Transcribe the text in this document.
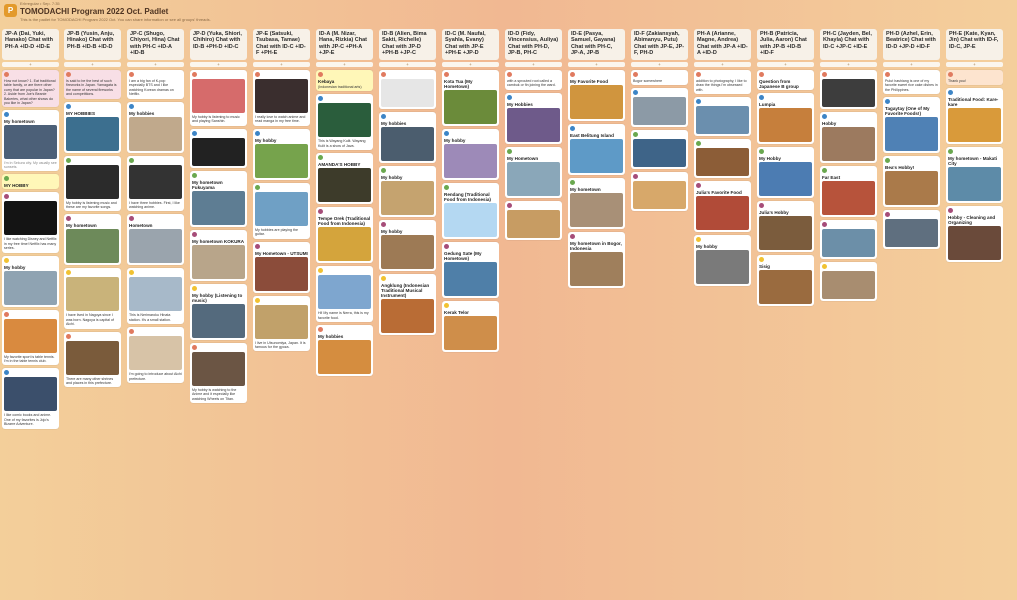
P
ErIrregular • Sep. 7:35
TOMODACHI Program 2022 Oct. Padlet
This is the padlet for TOMODACHI Program 2022 Oct. You can share information or see all groups' threads.
JP-A (Dai, Yuki, Hanako) Chat with PH-A +ID-D +ID-E
+
How not know? 1. Eat traditional table family, or are there other curry that are popular in Japan? 2. Aside from Joe's Beanie Bakeries, what other shows do you like in Japan?
My hometown
I'm in Sekura city. My usually see sunsets.
MY HOBBY
I like watching Disney and Netflix in my free time! Netflix has many series.
My hobby
My favorite sport is table tennis. I'm in the table tennis club.
I like comic books and anime. One of my favorites is Jojo's Bizarre Adventure.
JP-B (Yusin, Anju, Hinako) Chat with PH-B +ID-B +ID-D
+
Is said to be the best of such fireworks in Japan. Yamagata is the name of several fireworks and competitions.
MY HOBBIES
My hobby is listening music and these are my favorite songs.
My hometown
I have lived in Nagoya since I was born. Nagoya is capital of Aichi.
There are many other shrines and places in this prefecture.
JP-C (Shugo, Chiyori, Hina) Chat with PH-C +ID-A +ID-B
+
I am a big fan of K-pop especially BTS and I like watching Korean dramas on Netflix.
My hobbies
I have three hobbies. First, I like watching anime.
Hometown
This is Nerimaroku Hinata station. It's a small station.
I'm going to introduce about Aichi prefecture.
JP-D (Yuka, Shiori, Chihiro) Chat with ID-B +PH-D +ID-C
+
My hobby is listening to music and playing Sanshin.
My hometown Fukuyama
My hometown KOKURA
My hobby (Listening to music)
My hobby is watching to the Anime and it especially like watching Wheels on Titan.
JP-E (Satsuki, Tsubasa, Tamae) Chat with ID-C +ID-F +PH-E
+
I really love to watch anime and read manga in my free time.
My hobby
My hobbies are playing the guitar.
My Hometown - UTSUMI
I live in Utsunomiya, Japan. It is famous for the gyoza.
ID-A (M. Nizar, Hana, Rizkia) Chat with JP-C +PH-A +JP-E
+
Kebaya
(Indonesian traditional arts)
This is Wayang Kulit. Wayang Kulit is a show of Java.
AMANDA'S HOBBY
Tempe Orek (Traditional Food from Indonesia)
Hi! My name is Nerra, this is my favorite food.
My hobbies
ID-B (Alien, Bima Sakti, Richelle) Chat with JP-D +PH-B +JP-C
+
My hobbies
My hobby
My hobby
Angklung (Indonesian Traditional Musical Instrument)
ID-C (M. Naufal, Syahla, Evany) Chat with JP-E +PH-E +JP-D
+
Kota Tua (My Hometown)
My hobby
Rendang (Traditional Food from Indonesia)
Gedung Sate (My Hometown)
Kerak Telor
ID-D (Fidy, Vincensius, Auliya) Chat with PH-D, JP-B, PH-C
+
with a sprouted root called a cambuk or fin joining the ward.
My Hobbies
My Hometown
ID-E (Pasya, Samuel, Gayana) Chat with PH-C, JP-A, JP-B
+
My Favorite Food
East Belitung Island
My hometown
My hometown in Bogor, Indonesia
ID-F (Zakiansyah, Abimanyu, Putu) Chat with JP-E, JP-F, PH-D
+
Bogor somewhere
PH-A (Arianne, Magne, Andrea) Chat with JP-A +ID-A +ID-D
+
addition to photography, I like to draw the things I'm obsessed with.
Julia's Favorite Food
My hobby
PH-B (Patricia, Julia, Aaron) Chat with JP-B +ID-B +ID-F
+
Question from Japanese B group
Lumpia
My Hobby
Julia's Hobby
Sisig
PH-C (Jayden, Bel, Khayla) Chat with ID-C +JP-C +ID-E
+
Hobby
Far East
PH-D (Azhel, Erin, Beatrice) Chat with ID-D +JP-D +ID-F
+
Pulut hashiang is one of my favorite sweet rice cake dishes in the Philippines.
Tagaytay (One of My Favorite Foods!)
Bea's Hobby!
PH-E (Kate, Kyan, Jin) Chat with ID-F, ID-C, JP-E
+
Thank you!
Traditional Food: Kare-kare
My hometown - Makati City
Hobby - Cleaning and Organizing
